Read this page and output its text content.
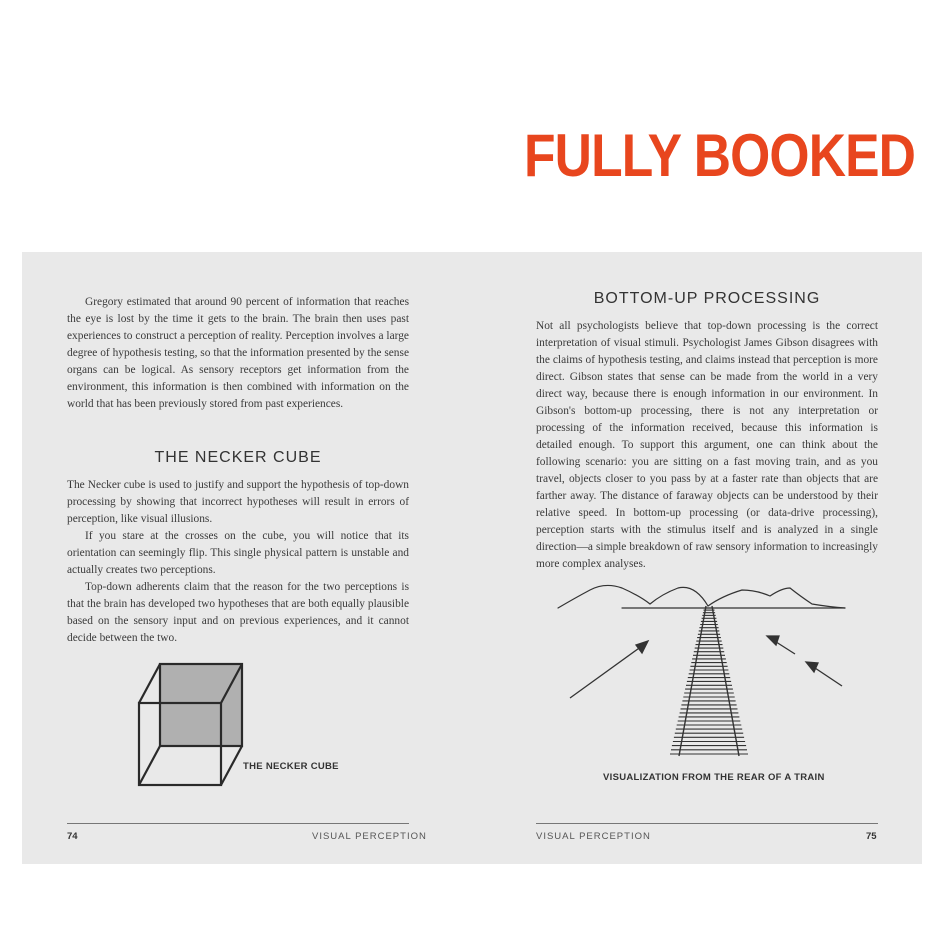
FULLY BOOKED

Gregory estimated that around 90 percent of information that reaches the eye is lost by the time it gets to the brain. The brain then uses past experiences to construct a perception of reality. Perception involves a large degree of hypothesis testing, so that the information presented by the sense organs can be logical. As sensory receptors get information from the environment, this information is then combined with information on the world that has been previously stored from past experiences.

THE NECKER CUBE

The Necker cube is used to justify and support the hypothesis of top-down processing by showing that incorrect hypotheses will result in errors of perception, like visual illusions.

If you stare at the crosses on the cube, you will notice that its orientation can seemingly flip. This single physical pattern is unstable and actually creates two perceptions.

Top-down adherents claim that the reason for the two perceptions is that the brain has developed two hypotheses that are both equally plausible based on the sensory input and on previous experiences, and it cannot decide between the two.

THE NECKER CUBE
74	VISUAL PERCEPTION
BOTTOM-UP PROCESSING

Not all psychologists believe that top-down processing is the correct interpretation of visual stimuli. Psychologist James Gibson disagrees with the claims of hypothesis testing, and claims instead that perception is more direct. Gibson states that sense can be made from the world in a very direct way, because there is enough information in our environment. In Gibson's bottom-up processing, there is not any interpretation or processing of the information received, because this information is detailed enough. To support this argument, one can think about the following scenario: you are sitting on a fast moving train, and as you travel, objects closer to you pass by at a faster rate than objects that are farther away. The distance of faraway objects can be understood by their relative speed. In bottom-up processing (or data-drive processing), perception starts with the stimulus itself and is analyzed in a single direction—a simple breakdown of raw sensory information to increasingly more complex analyses.

VISUALIZATION FROM THE REAR OF A TRAIN
VISUAL PERCEPTION	75
